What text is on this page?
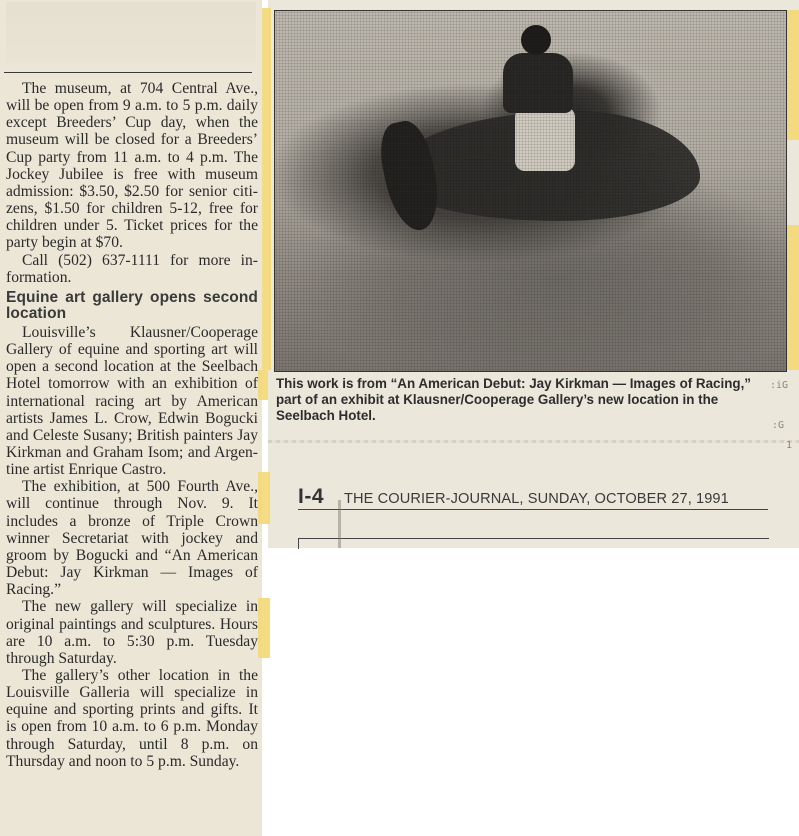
The museum, at 704 Central Ave., will be open from 9 a.m. to 5 p.m. daily except Breeders’ Cup day, when the museum will be closed for a Breeders’ Cup party from 11 a.m. to 4 p.m. The Jockey Jubilee is free with museum admission: $3.50, $2.50 for senior citizens, $1.50 for children 5-12, free for children under 5. Ticket prices for the party begin at $70.

Call (502) 637-1111 for more information.

Equine art gallery opens second location

Louisville’s Klausner/Cooperage Gallery of equine and sporting art will open a second location at the Seelbach Hotel tomorrow with an exhibition of international racing art by American artists James L. Crow, Edwin Bogucki and Celeste Susany; British painters Jay Kirkman and Graham Isom; and Argentine artist Enrique Castro.

The exhibition, at 500 Fourth Ave., will continue through Nov. 9. It includes a bronze of Triple Crown winner Secretariat with jockey and groom by Bogucki and “An American Debut: Jay Kirkman — Images of Racing.”

The new gallery will specialize in original paintings and sculptures. Hours are 10 a.m. to 5:30 p.m. Tuesday through Saturday.

The gallery’s other location in the Louisville Galleria will specialize in equine and sporting prints and gifts. It is open from 10 a.m. to 6 p.m. Monday through Saturday, until 8 p.m. on Thursday and noon to 5 p.m. Sunday.

This work is from “An American Debut: Jay Kirkman — Images of Racing,” part of an exhibit at Klausner/Cooperage Gallery’s new location in the Seelbach Hotel.
I-4 THE COURIER-JOURNAL, SUNDAY, OCTOBER 27, 1991
:iG
:G
1
